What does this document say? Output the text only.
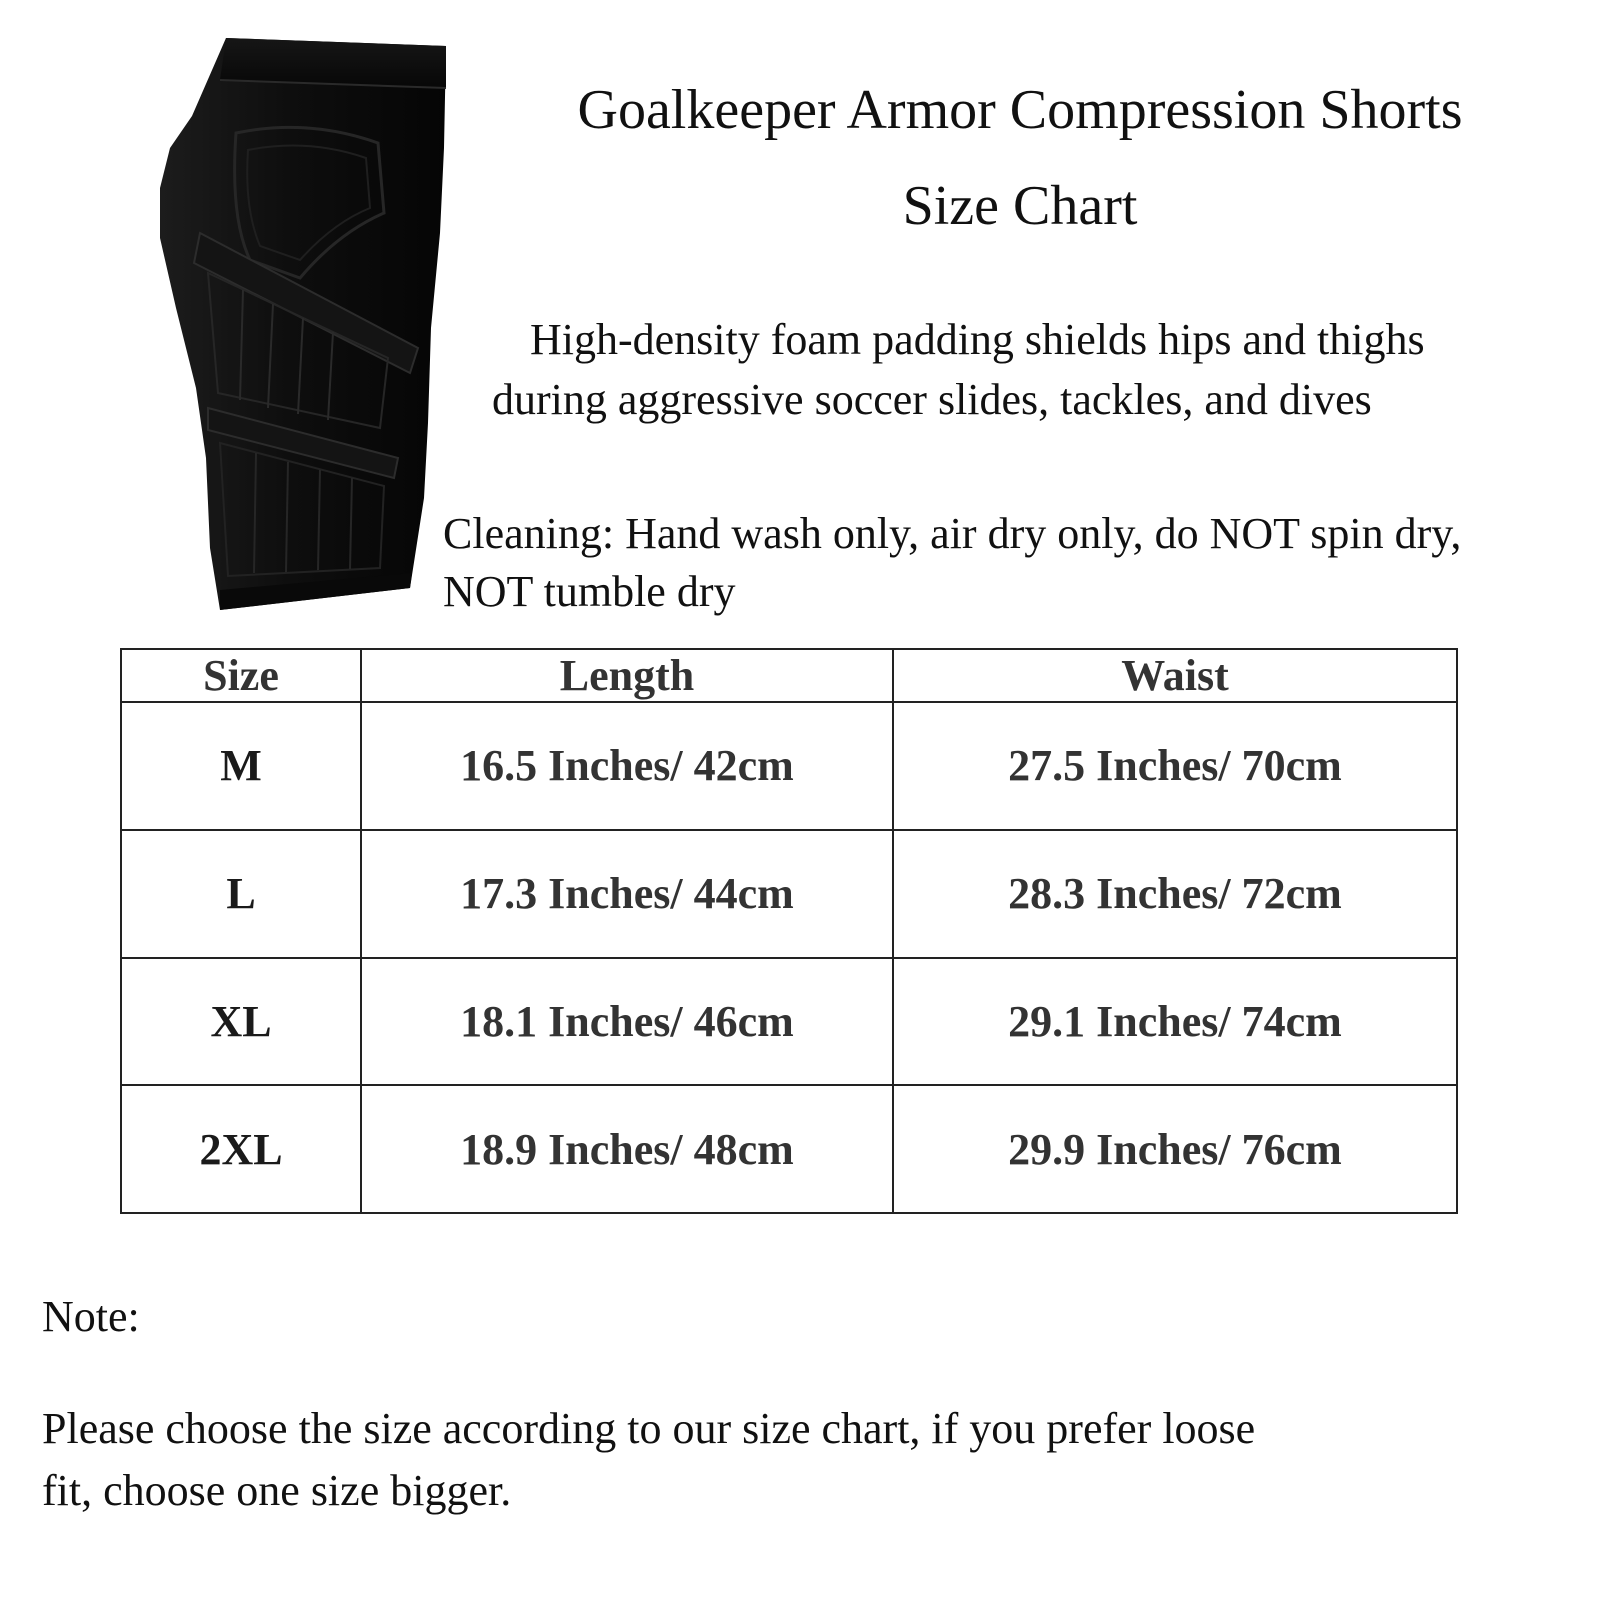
Goalkeeper Armor Compression Shorts
Size Chart
High-density foam padding shields hips and thighs
during aggressive soccer slides, tackles, and dives
Cleaning: Hand wash only, air dry only, do NOT spin dry,
NOT tumble dry
Size	Length	Waist
M	16.5 Inches/ 42cm	27.5 Inches/ 70cm
L	17.3 Inches/ 44cm	28.3 Inches/ 72cm
XL	18.1 Inches/ 46cm	29.1 Inches/ 74cm
2XL	18.9 Inches/ 48cm	29.9 Inches/ 76cm
Note:
Please choose the size according to our size chart, if you prefer loose
fit, choose one size bigger.
